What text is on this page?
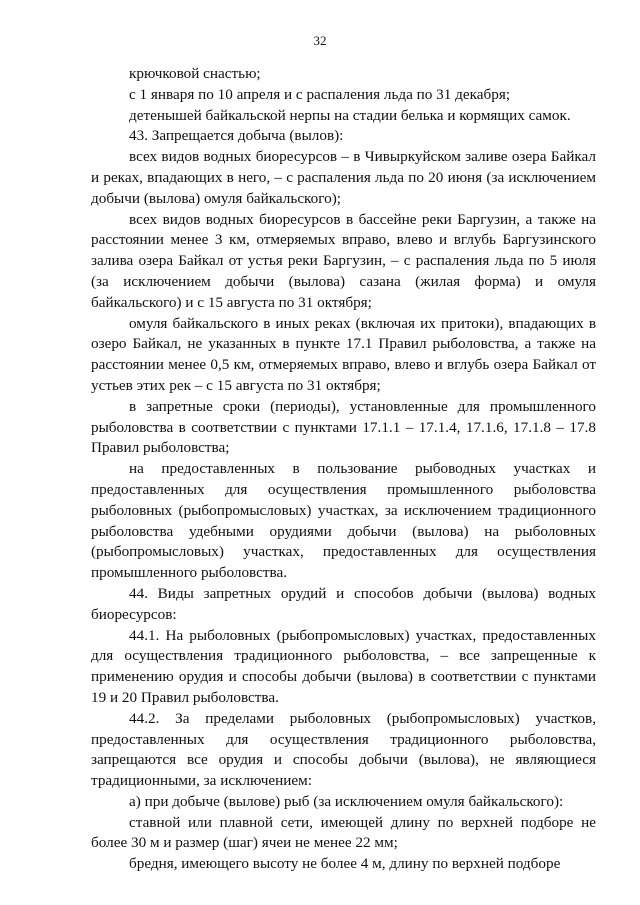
32

крючковой снастью;

с 1 января по 10 апреля и с распаления льда по 31 декабря;

детенышей байкальской нерпы на стадии белька и кормящих самок.

43. Запрещается добыча (вылов):

всех видов водных биоресурсов – в Чивыркуйском заливе озера Байкал и реках, впадающих в него, – с распаления льда по 20 июня (за исключением добычи (вылова) омуля байкальского);

всех видов водных биоресурсов в бассейне реки Баргузин, а также на расстоянии менее 3 км, отмеряемых вправо, влево и вглубь Баргузинского залива озера Байкал от устья реки Баргузин, – с распаления льда по 5 июля (за исключением добычи (вылова) сазана (жилая форма) и омуля байкальского) и с 15 августа по 31 октября;

омуля байкальского в иных реках (включая их притоки), впадающих в озеро Байкал, не указанных в пункте 17.1 Правил рыболовства, а также на расстоянии менее 0,5 км, отмеряемых вправо, влево и вглубь озера Байкал от устьев этих рек – с 15 августа по 31 октября;

в запретные сроки (периоды), установленные для промышленного рыболовства в соответствии с пунктами 17.1.1 – 17.1.4, 17.1.6, 17.1.8 – 17.8 Правил рыболовства;

на предоставленных в пользование рыбоводных участках и предоставленных для осуществления промышленного рыболовства рыболовных (рыбопромысловых) участках, за исключением традиционного рыболовства удебными орудиями добычи (вылова) на рыболовных (рыбопромысловых) участках, предоставленных для осуществления промышленного рыболовства.

44. Виды запретных орудий и способов добычи (вылова) водных биоресурсов:

44.1. На рыболовных (рыбопромысловых) участках, предоставленных для осуществления традиционного рыболовства, – все запрещенные к применению орудия и способы добычи (вылова) в соответствии с пунктами 19 и 20 Правил рыболовства.

44.2. За пределами рыболовных (рыбопромысловых) участков, предоставленных для осуществления традиционного рыболовства, запрещаются все орудия и способы добычи (вылова), не являющиеся традиционными, за исключением:

а) при добыче (вылове) рыб (за исключением омуля байкальского):

ставной или плавной сети, имеющей длину по верхней подборе не более 30 м и размер (шаг) ячеи не менее 22 мм;

бредня, имеющего высоту не более 4 м, длину по верхней подборе
